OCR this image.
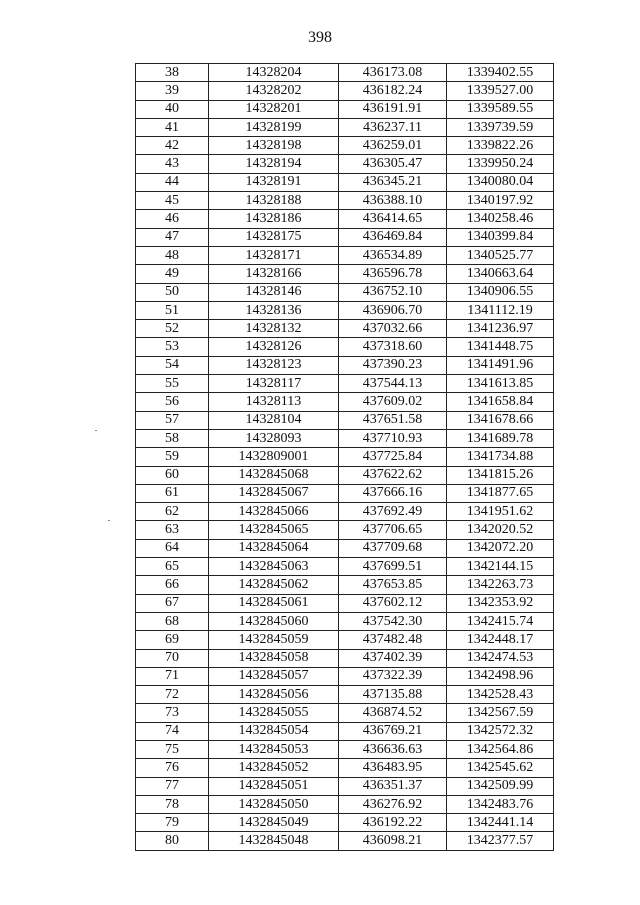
398
38	14328204	436173.08	1339402.55
39	14328202	436182.24	1339527.00
40	14328201	436191.91	1339589.55
41	14328199	436237.11	1339739.59
42	14328198	436259.01	1339822.26
43	14328194	436305.47	1339950.24
44	14328191	436345.21	1340080.04
45	14328188	436388.10	1340197.92
46	14328186	436414.65	1340258.46
47	14328175	436469.84	1340399.84
48	14328171	436534.89	1340525.77
49	14328166	436596.78	1340663.64
50	14328146	436752.10	1340906.55
51	14328136	436906.70	1341112.19
52	14328132	437032.66	1341236.97
53	14328126	437318.60	1341448.75
54	14328123	437390.23	1341491.96
55	14328117	437544.13	1341613.85
56	14328113	437609.02	1341658.84
57	14328104	437651.58	1341678.66
58	14328093	437710.93	1341689.78
59	1432809001	437725.84	1341734.88
60	1432845068	437622.62	1341815.26
61	1432845067	437666.16	1341877.65
62	1432845066	437692.49	1341951.62
63	1432845065	437706.65	1342020.52
64	1432845064	437709.68	1342072.20
65	1432845063	437699.51	1342144.15
66	1432845062	437653.85	1342263.73
67	1432845061	437602.12	1342353.92
68	1432845060	437542.30	1342415.74
69	1432845059	437482.48	1342448.17
70	1432845058	437402.39	1342474.53
71	1432845057	437322.39	1342498.96
72	1432845056	437135.88	1342528.43
73	1432845055	436874.52	1342567.59
74	1432845054	436769.21	1342572.32
75	1432845053	436636.63	1342564.86
76	1432845052	436483.95	1342545.62
77	1432845051	436351.37	1342509.99
78	1432845050	436276.92	1342483.76
79	1432845049	436192.22	1342441.14
80	1432845048	436098.21	1342377.57
